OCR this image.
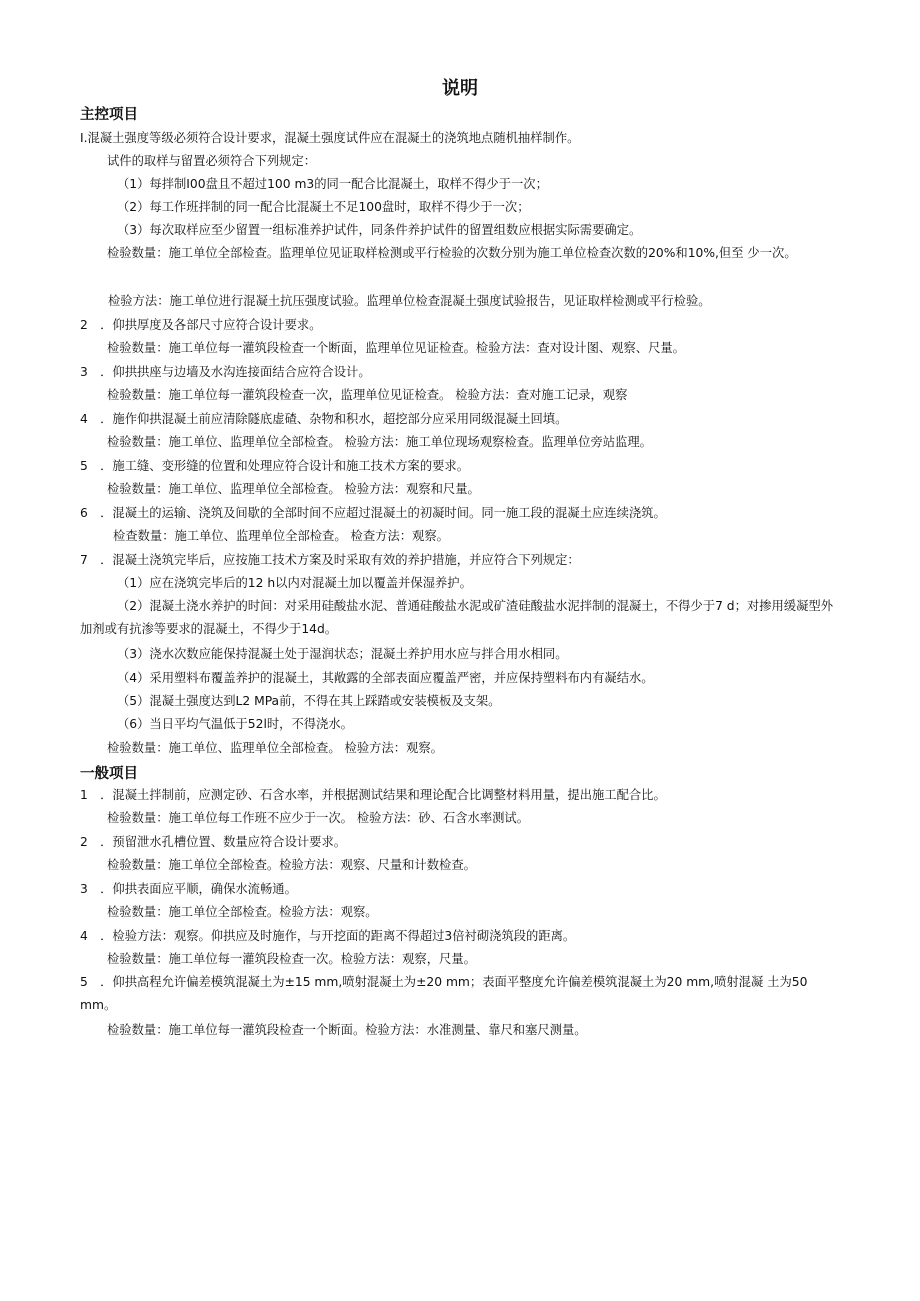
说明
主控项目
I.混凝土强度等级必须符合设计要求，混凝土强度试件应在混凝土的浇筑地点随机抽样制作。
试件的取样与留置必须符合下列规定：
（1）每拌制I00盘且不超过100 m3的同一配合比混凝土，取样不得少于一次；
（2）每工作班拌制的同一配合比混凝土不足100盘时，取样不得少于一次；
（3）每次取样应至少留置一组标准养护试件，同条件养护试件的留置组数应根据实际需要确定。
检验数量：施工单位全部检查。监理单位见证取样检测或平行检验的次数分别为施工单位检查次数的20%和10%,但至 少一次。
检验方法：施工单位进行混凝土抗压强度试验。监理单位检查混凝土强度试验报告，见证取样检测或平行检验。
2　．仰拱厚度及各部尺寸应符合设计要求。
检验数量：施工单位每一灌筑段检查一个断面，监理单位见证检查。检验方法：查对设计图、观察、尺量。
3　．仰拱拱座与边墙及水沟连接面结合应符合设计。
检验数量：施工单位每一灌筑段检查一次，监理单位见证检查。 检验方法：查对施工记录，观察
4　．施作仰拱混凝土前应清除隧底虚碴、杂物和积水，超挖部分应采用同级混凝土回填。
检验数量：施工单位、监理单位全部检查。 检验方法：施工单位现场观察检查。监理单位旁站监理。
5　．施工缝、变形缝的位置和处理应符合设计和施工技术方案的要求。
检验数量：施工单位、监理单位全部检查。 检验方法：观察和尺量。
6　．混凝土的运输、浇筑及间歇的全部时间不应超过混凝土的初凝时间。同一施工段的混凝土应连续浇筑。
检查数量：施工单位、监理单位全部检查。 检查方法：观察。
7　．混凝土浇筑完毕后，应按施工技术方案及时采取有效的养护措施，并应符合下列规定：
（1）应在浇筑完毕后的12 h以内对混凝土加以覆盖并保湿养护。
（2）混凝土浇水养护的时间：对采用硅酸盐水泥、普通硅酸盐水泥或矿渣硅酸盐水泥拌制的混凝土，不得少于7 d；对掺用缓凝型外加剂或有抗渗等要求的混凝土，不得少于14d。
（3）浇水次数应能保持混凝土处于湿润状态；混凝土养护用水应与拌合用水相同。
（4）采用塑料布覆盖养护的混凝土，其敞露的全部表面应覆盖严密，并应保持塑料布内有凝结水。
（5）混凝土强度达到L2 MPa前，不得在其上踩踏或安装模板及支架。
（6）当日平均气温低于52l时，不得浇水。
检验数量：施工单位、监理单位全部检查。 检验方法：观察。
一般项目
1　．混凝土拌制前，应测定砂、石含水率，并根据测试结果和理论配合比调整材料用量，提出施工配合比。
检验数量：施工单位每工作班不应少于一次。 检验方法：砂、石含水率测试。
2　．预留泄水孔槽位置、数量应符合设计要求。
检验数量：施工单位全部检查。检验方法：观察、尺量和计数检查。
3　．仰拱表面应平顺，确保水流畅通。
检验数量：施工单位全部检查。检验方法：观察。
4　．检验方法：观察。仰拱应及时施作，与开挖面的距离不得超过3倍衬砌浇筑段的距离。
检验数量：施工单位每一灌筑段检查一次。检验方法：观察，尺量。
5　．仰拱高程允许偏差模筑混凝土为±15 mm,喷射混凝土为±20 mm；表面平整度允许偏差模筑混凝土为20 mm,喷射混凝 土为50 mm。
检验数量：施工单位每一灌筑段检查一个断面。检验方法：水准测量、靠尺和塞尺测量。
